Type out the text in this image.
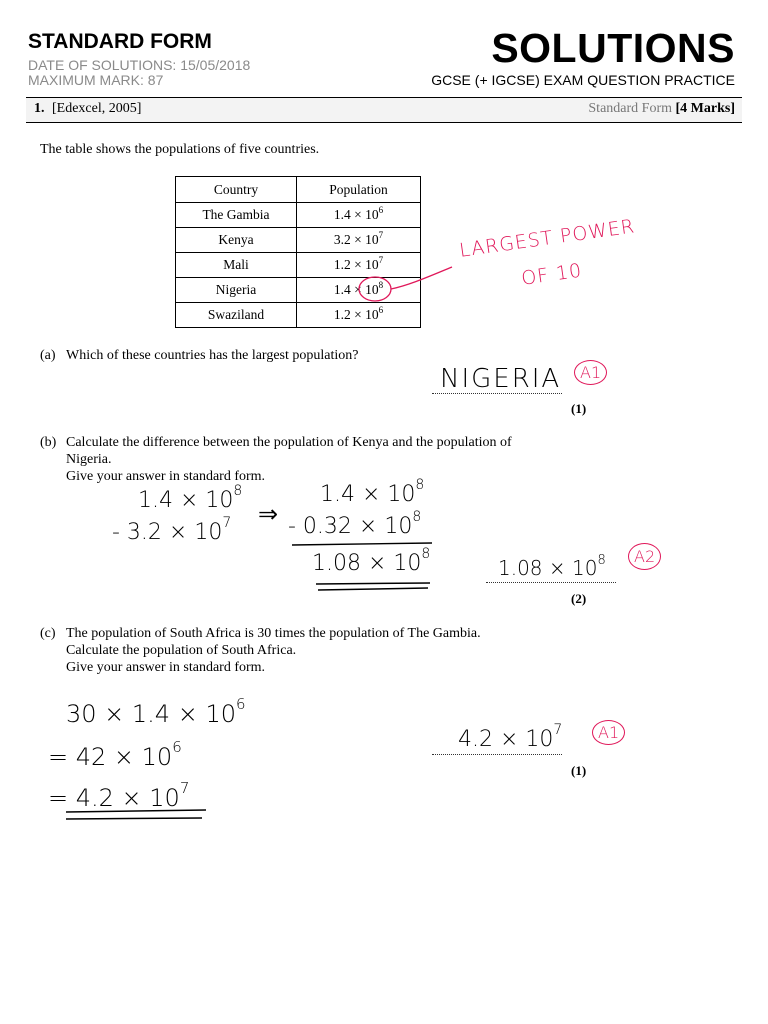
STANDARD FORM
DATE OF SOLUTIONS: 15/05/2018
MAXIMUM MARK: 87
SOLUTIONS
GCSE (+ IGCSE) EXAM QUESTION PRACTICE
1. [Edexcel, 2005]	Standard Form [4 Marks]
The table shows the populations of five countries.
Country	Population
The Gambia	$1.4 \times 10^6$
Kenya	$3.2 \times 10^7$
Mali	$1.2 \times 10^7$
Nigeria	$1.4 \times 10^8$
Swaziland	$1.2 \times 10^6$
LARGEST POWER
OF 10
(a) Which of these countries has the largest population?
NIGERIA	A1
(1)
(b) Calculate the difference between the population of Kenya and the population of
Nigeria.
Give your answer in standard form.
$1.4 \times 10^8$
- $3.2 \times 10^7$ ⇒
$1.4 \times 10^8$
- $0.32 \times 10^8$
$1.08 \times 10^8$
$1.08 \times 10^8$	A2
(2)
(c) The population of South Africa is 30 times the population of The Gambia.
Calculate the population of South Africa.
Give your answer in standard form.
$30 \times 1.4 \times 10^6$
= $42 \times 10^6$
= $4.2 \times 10^7$
$4.2 \times 10^7$	A1
(1)
